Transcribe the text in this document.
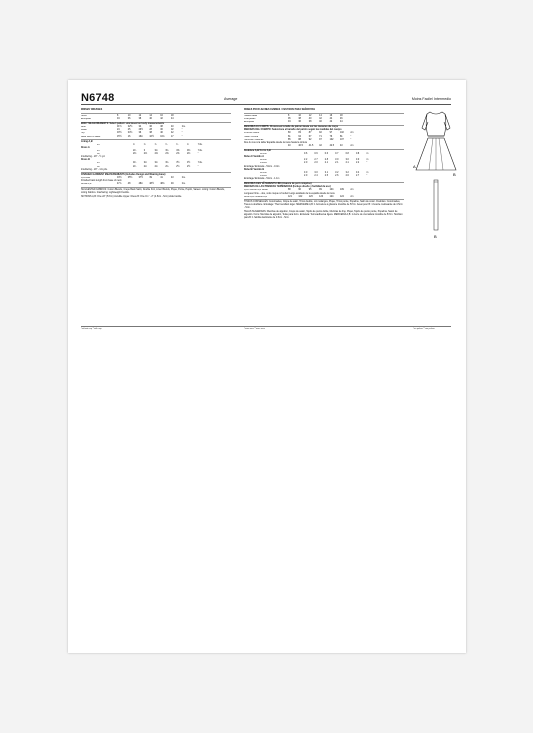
N6748	Average	Moins Facile/ Intermedio
MISSES' DRESSES
Sizes	8	10	12	14	16	18
European	34	36	38	40	42	44
BODY MEASUREMENTS: Select pattern size based on body measurements
Bust	31½	32½	34	36	38	40	Ins.
Waist	24	25	26½	28	30	32	"
Hip	33½	34½	36	38	40	42	"
Back neck to waist	15½	16	16¼	16½	16¾	17	"
Lining A,B
45"***	¾	¾	¾	¾	¾	¾	Yds.
Dress A
45"***	2¼	3	3¼	3¼	3⅜	3⅜	Yds.
60"***	2⅜	2⅜	2⅜	2⅜	2⅜	2⅜	"
Interfacing - 20" - ½ yd.
Dress B
45"***	3¼	3¼	3¼	3¼	3½	3½	Yds.
60"***	2¼	2¼	2¼	2¼	2½	2½	"
Interfacing - 20" - 1⅛ yds.
FINISHED GARMENT MEASUREMENTS (Includes Design and Wearing Ease)
A,B Bust	34½	35½	37½	39	41	43	Ins.
Finished back length from base of neck
Dress A,B	47¾	48	48¼	48½	48¾	49	Ins.
SUGGESTED FABRICS: Cotton Blends, Crepe Back Satin, Double Knit, Linen Blends, Pique, Ponte, Poplin, Sateen. Lining: Cotton Blends, Lining Fabrics. Interfacing: Lightweight Fusible.
NOTIONS A,B: One 22" (57cm) invisible zipper. Dress B: One 1¼" - 2" (4.5cm - 5cm) slide buckle.
ROBES POUR JEUNES FEMMES / VESTIDOS PARA SEÑORITAS
Tailles/Tallas	8	10	12	14	16	18
Françaises	36	38	40	42	44	46
Europeas	34	36	38	40	42	44
MESURES DU CORPS: Choisissez la taille du patron basée sur les mesures du corps
MEDIDAS DEL CUERPO: Seleccione el tamaño del patrón según las medidas del cuerpo
Poitrine/ Busto	80	83	87	92	97	102	cm
Taille/ Cintura	61	64	67	71	76	81	"
Hanches/ Caderas	85	88	92	97	102	107	"
Dos du cou à la taille/ Espalda desde la nuca hasta la cintura
40	40.5	41.5	42	42.5	43	cm
Doublure A,B/ Forro A,B
115cm***	0.6	0.6	0.6	0.7	0.8	0.8	m
Robe A/ Vestido A
115cm***	2.2	2.7	2.8	3.0	3.0	3.0	m
150cm***	2.0	2.0	2.1	2.1	2.1	2.2	"
Entoilage/ Entretela - 51cm - 0.4m
Robe B/ Vestido B
115cm***	3.0	3.0	3.1	3.2	3.2	3.4	m
150cm***	2.0	2.4	2.5	2.6	2.6	2.7	"
Entoilage/ Entretela - 51cm - 1.1m
MESURES DES VÊTEMENTS FINI (Aisance de port comprise)
MEDIDAS DE LAS PRENDAS TERMINADAS (Incluye diseño y facilidad de uso)
A,B Poitrine/ A,B Busto	88	90	95	99	104	109	cm
Longueur finie – dos, votre nuque à l'ourlet/ Largo acabado de la espalda desde la nuca
Robe A,B/ Vestido A,B	121	122	123	123	124	124	cm
TISSUS CONSEILLÉS: Cotonnades, Crêpe de satin, Tricot double, Lin mélangés, Pique, Tricot ponte, Popeline, Satin de coton. Doublure: Cotonnades, Tissus à doublure. Entoilage: Thermocollant léger. MERCERIE A,B: 1 fermeture à glissière invisible de 57cm. Aussi pour B: 1 boucle coulissante de 4.5cm - 5cm.
TELAS SUGERIDAS: Mezclas de algodón, Crepé de satén, Tejido de punto doble, Mezclas de lino, Piqué, Tejido de punto ponte, Popelina, Satén de algodón. Forro: Mezclas de algodón, Telas para forro. Entretela: Termoadhesiva ligera. MERCERÍA A,B: 1 cierre de cremallera invisible de 57cm. También para B: 1 hebilla deslizante de 4.5cm - 5cm.
*without nap **with nap	*sans sens **avec sens	*sin pelusa **con pelusa
A
B
B
